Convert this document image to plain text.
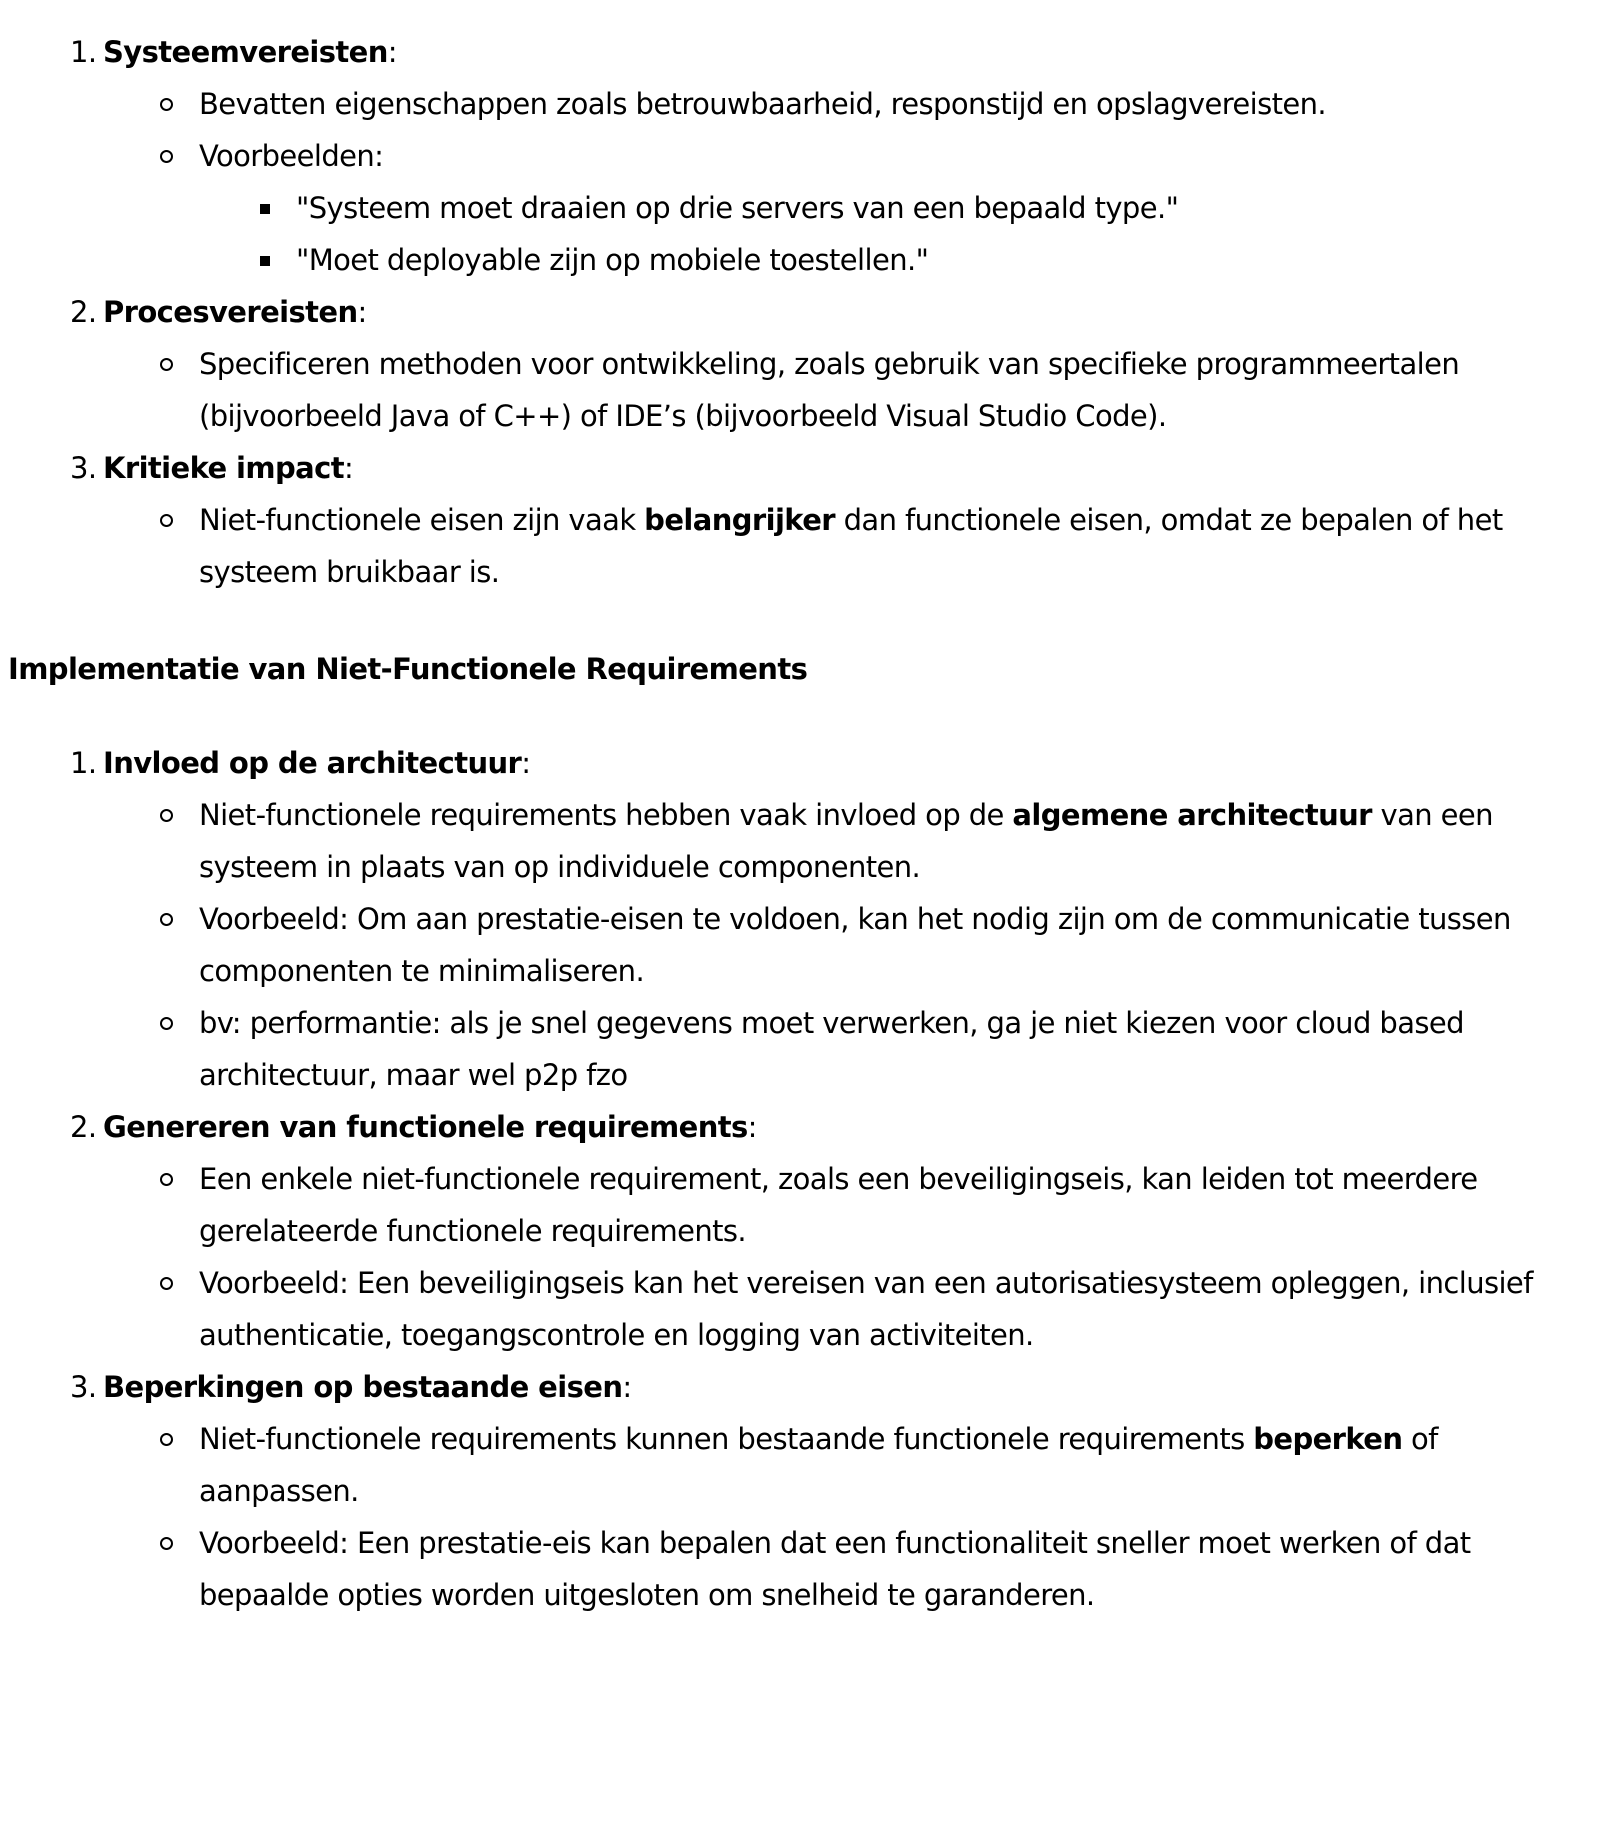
1. Systeemvereisten:
Bevatten eigenschappen zoals betrouwbaarheid, responstijd en opslagvereisten.
Voorbeelden:
"Systeem moet draaien op drie servers van een bepaald type."
"Moet deployable zijn op mobiele toestellen."
2. Procesvereisten:
Specificeren methoden voor ontwikkeling, zoals gebruik van specifieke programmeertalen (bijvoorbeeld Java of C++) of IDE’s (bijvoorbeeld Visual Studio Code).
3. Kritieke impact:
Niet-functionele eisen zijn vaak belangrijker dan functionele eisen, omdat ze bepalen of het systeem bruikbaar is.
Implementatie van Niet-Functionele Requirements
1. Invloed op de architectuur:
Niet-functionele requirements hebben vaak invloed op de algemene architectuur van een systeem in plaats van op individuele componenten.
Voorbeeld: Om aan prestatie-eisen te voldoen, kan het nodig zijn om de communicatie tussen componenten te minimaliseren.
bv: performantie: als je snel gegevens moet verwerken, ga je niet kiezen voor cloud based architectuur, maar wel p2p fzo
2. Genereren van functionele requirements:
Een enkele niet-functionele requirement, zoals een beveiligingseis, kan leiden tot meerdere gerelateerde functionele requirements.
Voorbeeld: Een beveiligingseis kan het vereisen van een autorisatiesysteem opleggen, inclusief authenticatie, toegangscontrole en logging van activiteiten.
3. Beperkingen op bestaande eisen:
Niet-functionele requirements kunnen bestaande functionele requirements beperken of aanpassen.
Voorbeeld: Een prestatie-eis kan bepalen dat een functionaliteit sneller moet werken of dat bepaalde opties worden uitgesloten om snelheid te garanderen.
